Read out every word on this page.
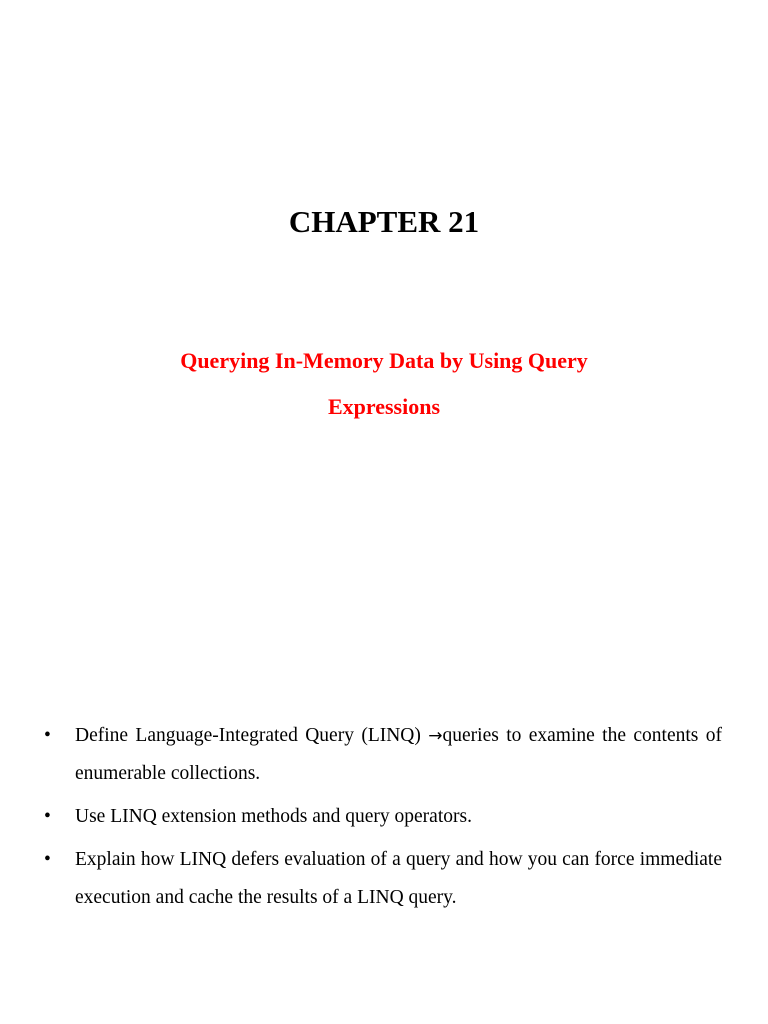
CHAPTER 21
Querying In-Memory Data by Using Query
Expressions
• Define Language-Integrated Query (LINQ) →queries to examine the contents of enumerable collections.
• Use LINQ extension methods and query operators.
• Explain how LINQ defers evaluation of a query and how you can force immediate execution and cache the results of a LINQ query.
